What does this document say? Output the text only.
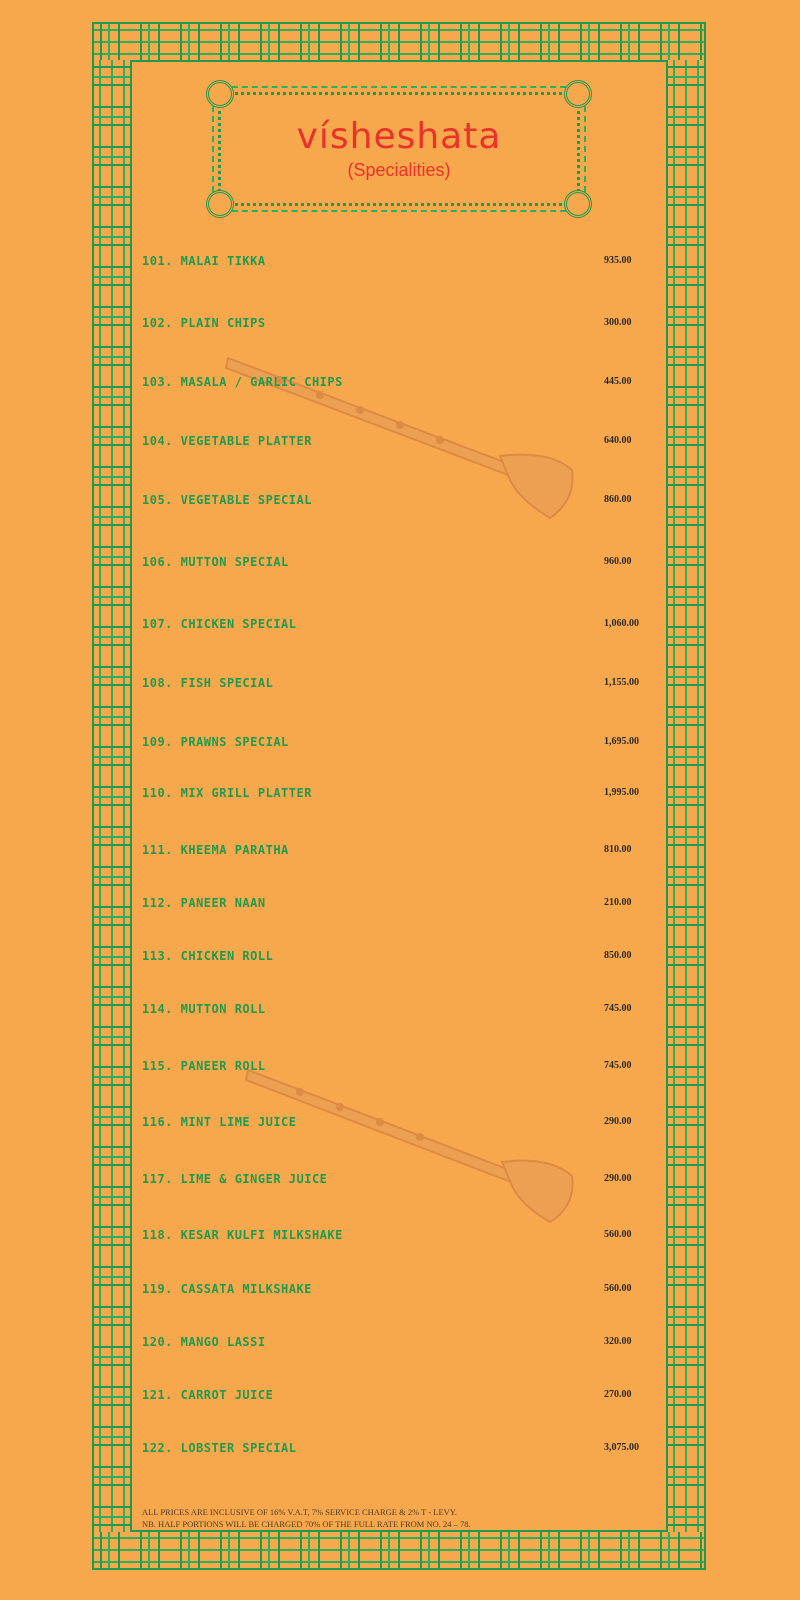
vísheshata
(Specialities)
101. MALAI TIKKA	935.00
102. PLAIN CHIPS	300.00
103. MASALA / GARLIC CHIPS	445.00
104. VEGETABLE PLATTER	640.00
105. VEGETABLE SPECIAL	860.00
106. MUTTON SPECIAL	960.00
107. CHICKEN SPECIAL	1,060.00
108. FISH SPECIAL	1,155.00
109. PRAWNS SPECIAL	1,695.00
110. MIX GRILL PLATTER	1,995.00
111. KHEEMA PARATHA	810.00
112. PANEER NAAN	210.00
113. CHICKEN ROLL	850.00
114. MUTTON ROLL	745.00
115. PANEER ROLL	745.00
116. MINT LIME JUICE	290.00
117. LIME & GINGER JUICE	290.00
118. KESAR KULFI MILKSHAKE	560.00
119. CASSATA MILKSHAKE	560.00
120. MANGO LASSI	320.00
121. CARROT JUICE	270.00
122. LOBSTER SPECIAL	3,075.00
ALL PRICES ARE INCLUSIVE OF 16% V.A.T, 7% SERVICE CHARGE & 2% T - LEVY.
NB. HALF PORTIONS WILL BE CHARGED 70% OF THE FULL RATE FROM NO. 24 – 78.
